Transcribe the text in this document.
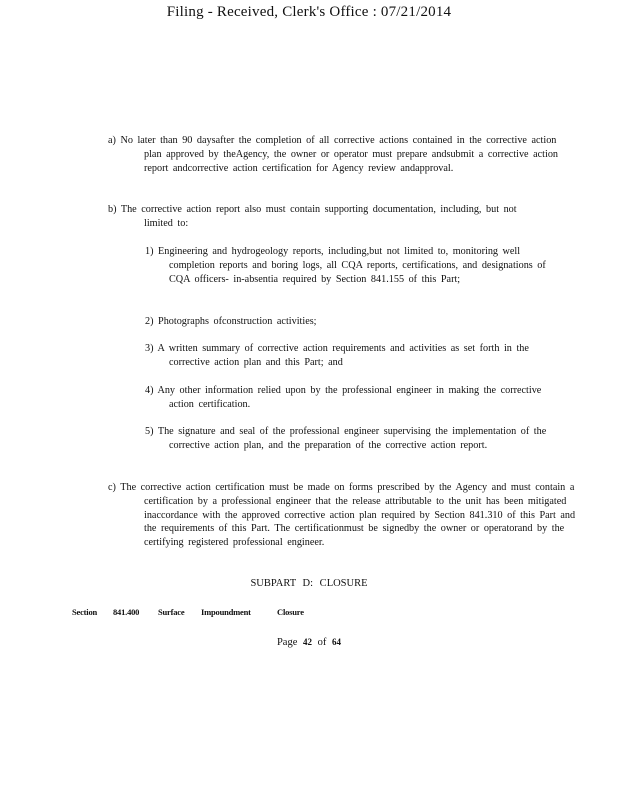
Filing - Received, Clerk's Office : 07/21/2014
a) No later than 90 daysafter the completion of all corrective actions contained in the corrective action plan approved by theAgency, the owner or operator must prepare andsubmit a corrective action report andcorrective action certification for Agency review andapproval.
b) The corrective action report also must contain supporting documentation, including, but not limited to:
1) Engineering and hydrogeology reports, including,but not limited to, monitoring well completion reports and boring logs, all CQA reports, certifications, and designations of CQA officers- in-absentia required by Section 841.155 of this Part;
2) Photographs ofconstruction activities;
3) A written summary of corrective action requirements and activities as set forth in the corrective action plan and this Part; and
4) Any other information relied upon by the professional engineer in making the corrective action certification.
5) The signature and seal of the professional engineer supervising the implementation of the corrective action plan, and the preparation of the corrective action report.
c) The corrective action certification must be made on forms prescribed by the Agency and must contain a certification by a professional engineer that the release attributable to the unit has been mitigated inaccordance with the approved corrective action plan required by Section 841.310 of this Part and the requirements of this Part. The certificationmust be signedby the owner or operatorand by the certifying registered professional engineer.
SUBPART D: CLOSURE
Section 841.400 Surface Impoundment	Closure
Page 42 of 64
